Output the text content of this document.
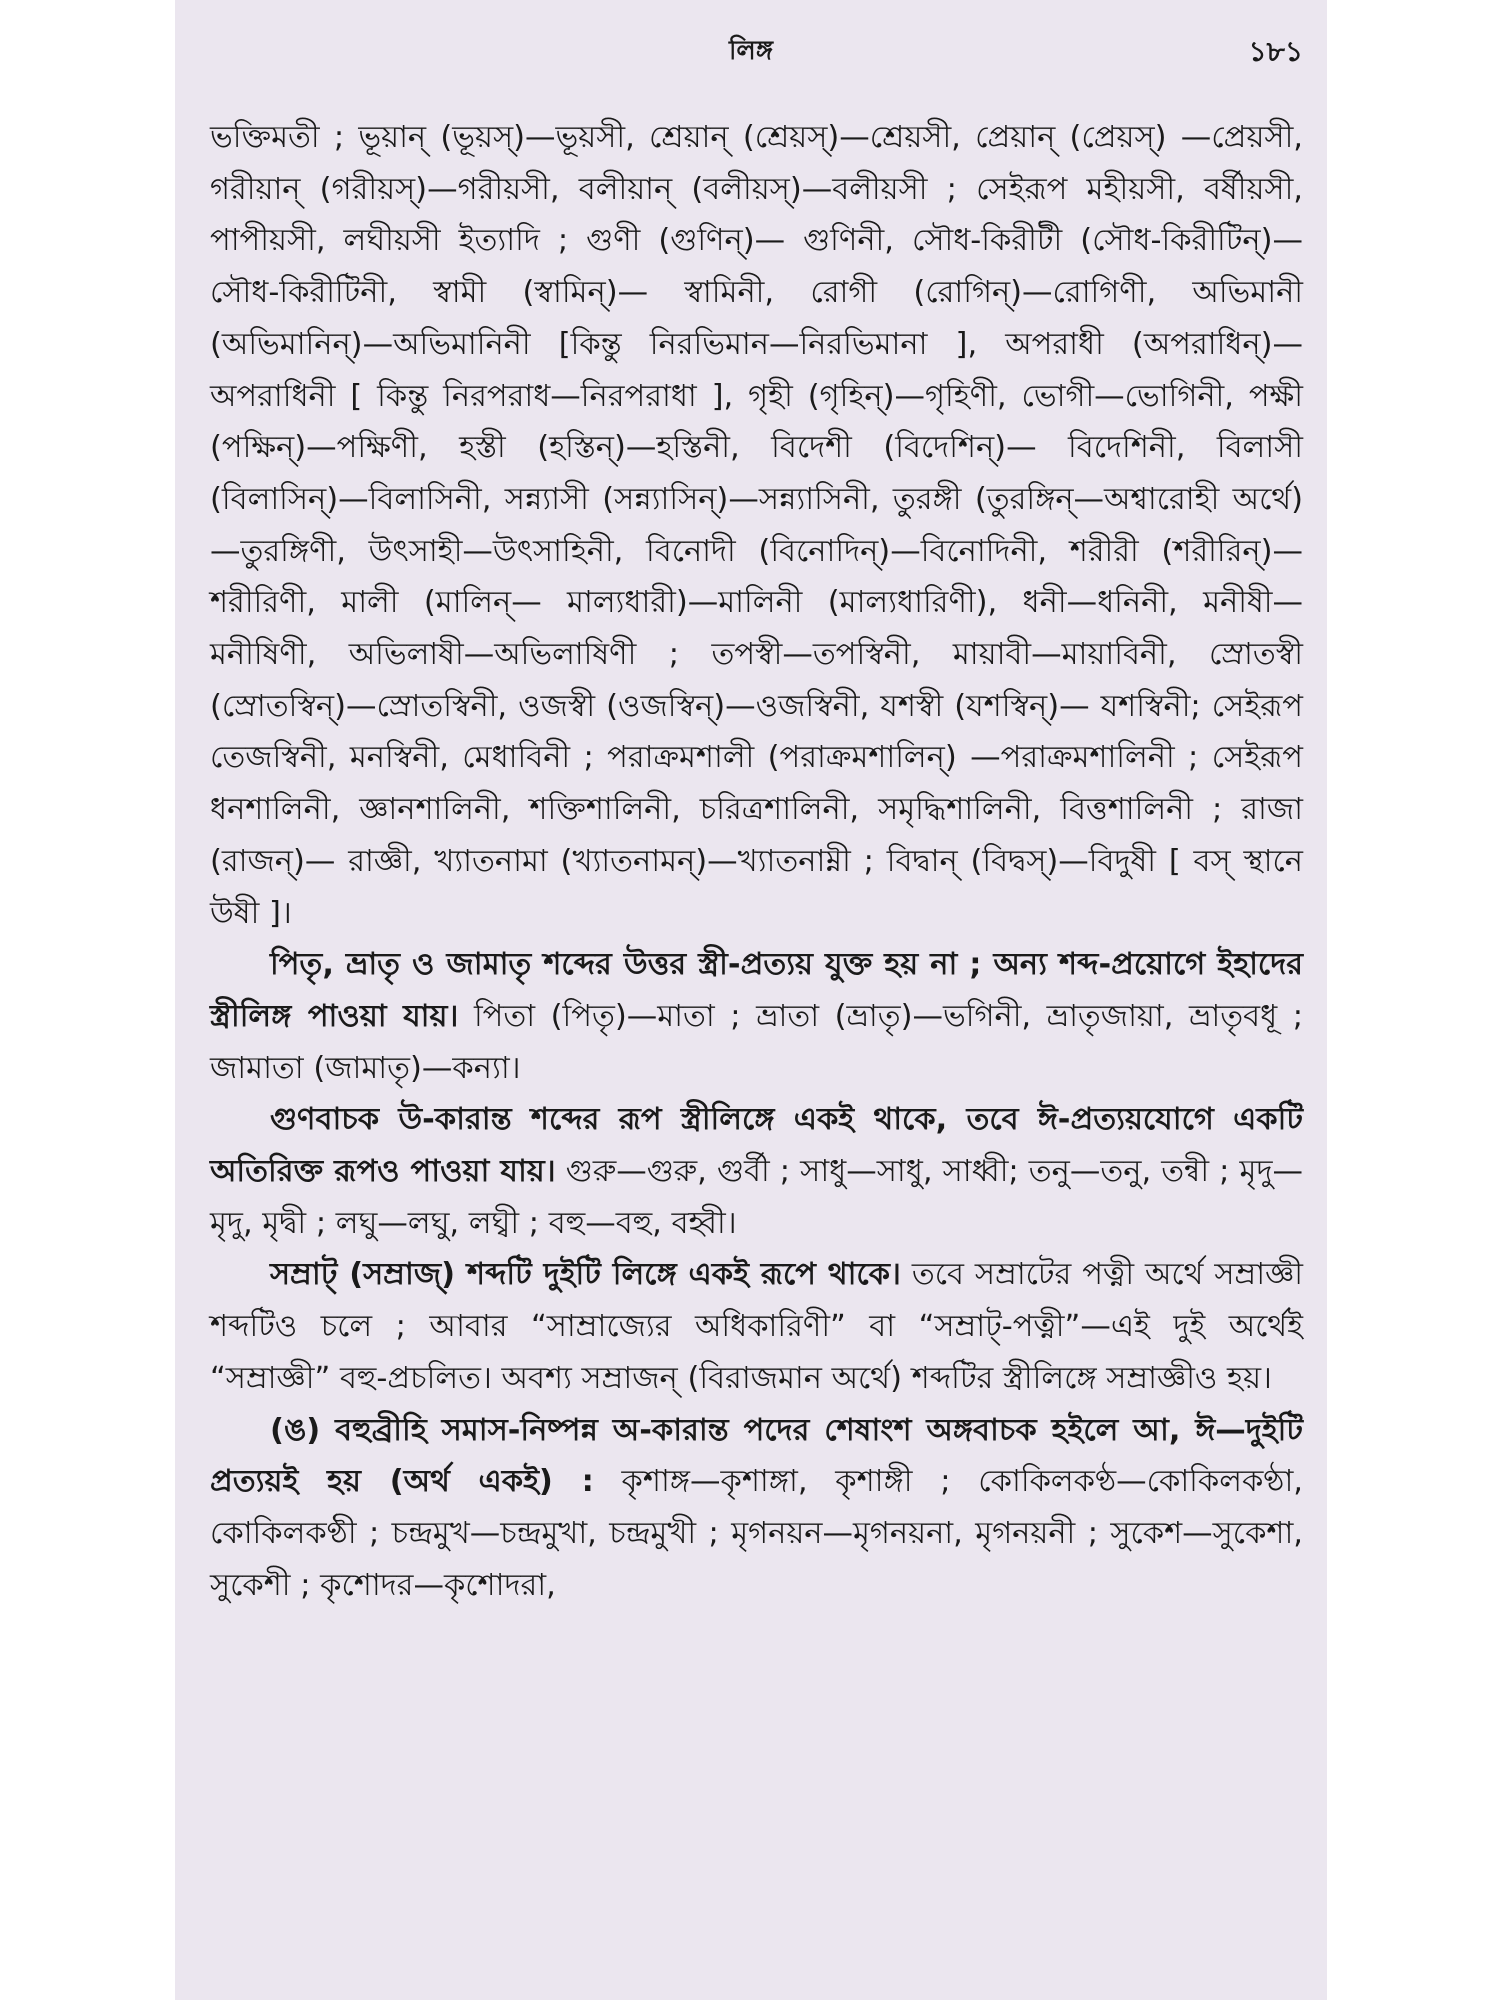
লিঙ্গ	১৮১

ভক্তিমতী ; ভূয়ান্ (ভূয়স্)—ভূয়সী, শ্রেয়ান্ (শ্রেয়স্)—শ্রেয়সী, প্রেয়ান্ (প্রেয়স্) —প্রেয়সী, গরীয়ান্ (গরীয়স্)—গরীয়সী, বলীয়ান্ (বলীয়স্)—বলীয়সী ; সেইরূপ মহীয়সী, বর্ষীয়সী, পাপীয়সী, লঘীয়সী ইত্যাদি ; গুণী (গুণিন্)— গুণিনী, সৌধ-কিরীটী (সৌধ-কিরীটিন্)—সৌধ-কিরীটিনী, স্বামী (স্বামিন্)— স্বামিনী, রোগী (রোগিন্)—রোগিণী, অভিমানী (অভিমানিন্)—অভিমানিনী [কিন্তু নিরভিমান—নিরভিমানা ], অপরাধী (অপরাধিন্)—অপরাধিনী [ কিন্তু নিরপরাধ—নিরপরাধা ], গৃহী (গৃহিন্)—গৃহিণী, ভোগী—ভোগিনী, পক্ষী (পক্ষিন্)—পক্ষিণী, হস্তী (হস্তিন্)—হস্তিনী, বিদেশী (বিদেশিন্)— বিদেশিনী, বিলাসী (বিলাসিন্)—বিলাসিনী, সন্ন্যাসী (সন্ন্যাসিন্)—সন্ন্যাসিনী, তুরঙ্গী (তুরঙ্গিন্—অশ্বারোহী অর্থে)—তুরঙ্গিণী, উৎসাহী—উৎসাহিনী, বিনোদী (বিনোদিন্)—বিনোদিনী, শরীরী (শরীরিন্)—শরীরিণী, মালী (মালিন্— মাল্যধারী)—মালিনী (মাল্যধারিণী), ধনী—ধনিনী, মনীষী—মনীষিণী, অভিলাষী—অভিলাষিণী ; তপস্বী—তপস্বিনী, মায়াবী—মায়াবিনী, স্রোতস্বী (স্রোতস্বিন্)—স্রোতস্বিনী, ওজস্বী (ওজস্বিন্)—ওজস্বিনী, যশস্বী (যশস্বিন্)— যশস্বিনী; সেইরূপ তেজস্বিনী, মনস্বিনী, মেধাবিনী ; পরাক্রমশালী (পরাক্রমশালিন্) —পরাক্রমশালিনী ; সেইরূপ ধনশালিনী, জ্ঞানশালিনী, শক্তিশালিনী, চরিত্রশালিনী, সমৃদ্ধিশালিনী, বিত্তশালিনী ; রাজা (রাজন্)— রাজ্ঞী, খ্যাতনামা (খ্যাতনামন্)—খ্যাতনাম্নী ; বিদ্বান্ (বিদ্বস্)—বিদুষী [ বস্ স্থানে উষী ]।

পিতৃ, ভ্রাতৃ ও জামাতৃ শব্দের উত্তর স্ত্রী-প্রত্যয় যুক্ত হয় না ; অন্য শব্দ-প্রয়োগে ইহাদের স্ত্রীলিঙ্গ পাওয়া যায়। পিতা (পিতৃ)—মাতা ; ভ্রাতা (ভ্রাতৃ)—ভগিনী, ভ্রাতৃজায়া, ভ্রাতৃবধূ ; জামাতা (জামাতৃ)—কন্যা।

গুণবাচক উ-কারান্ত শব্দের রূপ স্ত্রীলিঙ্গে একই থাকে, তবে ঈ-প্রত্যয়যোগে একটি অতিরিক্ত রূপও পাওয়া যায়। গুরু—গুরু, গুর্বী ; সাধু—সাধু, সাধ্বী; তনু—তনু, তন্বী ; মৃদু—মৃদু, মৃদ্বী ; লঘু—লঘু, লঘ্বী ; বহু—বহু, বহ্বী।

সম্রাট্ (সম্রাজ্) শব্দটি দুইটি লিঙ্গে একই রূপে থাকে। তবে সম্রাটের পত্নী অর্থে সম্রাজ্ঞী শব্দটিও চলে ; আবার “সাম্রাজ্যের অধিকারিণী” বা “সম্রাট্-পত্নী”—এই দুই অর্থেই “সম্রাজ্ঞী” বহু-প্রচলিত। অবশ্য সম্রাজন্ (বিরাজমান অর্থে) শব্দটির স্ত্রীলিঙ্গে সম্রাজ্ঞীও হয়।

(ঙ) বহুব্রীহি সমাস-নিষ্পন্ন অ-কারান্ত পদের শেষাংশ অঙ্গবাচক হইলে আ, ঈ—দুইটি প্রত্যয়ই হয় (অর্থ একই) : কৃশাঙ্গ—কৃশাঙ্গা, কৃশাঙ্গী ; কোকিলকণ্ঠ—কোকিলকণ্ঠা, কোকিলকণ্ঠী ; চন্দ্রমুখ—চন্দ্রমুখা, চন্দ্রমুখী ; মৃগনয়ন—মৃগনয়না, মৃগনয়নী ; সুকেশ—সুকেশা, সুকেশী ; কৃশোদর—কৃশোদরা,
